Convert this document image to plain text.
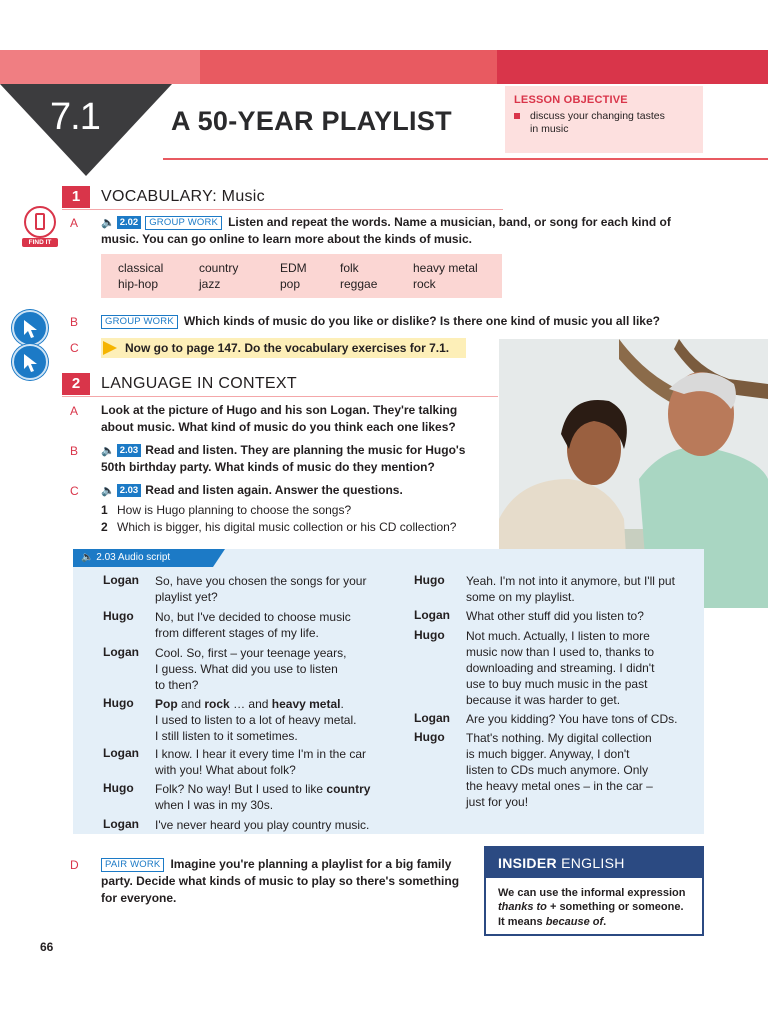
7.1	A 50-YEAR PLAYLIST
LESSON OBJECTIVE
discuss your changing tastes
in music
1	VOCABULARY: Music
FIND IT
A 🔈 2.02 GROUP WORK Listen and repeat the words. Name a musician, band, or song for each kind of
music. You can go online to learn more about the kinds of music.
classical	country	EDM	folk	heavy metal
hip-hop	jazz	pop	reggae	rock
B	GROUP WORK Which kinds of music do you like or dislike? Is there one kind of music you all like?
C	Now go to page 147. Do the vocabulary exercises for 7.1.
2	LANGUAGE IN CONTEXT
A Look at the picture of Hugo and his son Logan. They're talking
about music. What kind of music do you think each one likes?
B 🔈 2.03 Read and listen. They are planning the music for Hugo's
50th birthday party. What kinds of music do they mention?
C 🔈 2.03 Read and listen again. Answer the questions.
1 How is Hugo planning to choose the songs?
2 Which is bigger, his digital music collection or his CD collection?
🔈 2.03 Audio script
D	PAIR WORK Imagine you're planning a playlist for a big family
party. Decide what kinds of music to play so there's something
for everyone.
INSIDER ENGLISH
We can use the informal expression
thanks to + something or someone.
It means because of.
66
Logan So, have you chosen the songs for your
playlist yet?
Hugo No, but I've decided to choose music
from different stages of my life.
Logan Cool. So, first – your teenage years,
I guess. What did you use to listen
to then?
Hugo Pop and rock … and heavy metal.
I used to listen to a lot of heavy metal.
I still listen to it sometimes.
Logan I know. I hear it every time I'm in the car
with you! What about folk?
Hugo Folk? No way! But I used to like country
when I was in my 30s.
Logan I've never heard you play country music.
Hugo Yeah. I'm not into it anymore, but I'll put
some on my playlist.
Logan What other stuff did you listen to?
Hugo Not much. Actually, I listen to more
music now than I used to, thanks to
downloading and streaming. I didn't
use to buy much music in the past
because it was harder to get.
Logan Are you kidding? You have tons of CDs.
Hugo That's nothing. My digital collection
is much bigger. Anyway, I don't
listen to CDs much anymore. Only
the heavy metal ones – in the car –
just for you!
